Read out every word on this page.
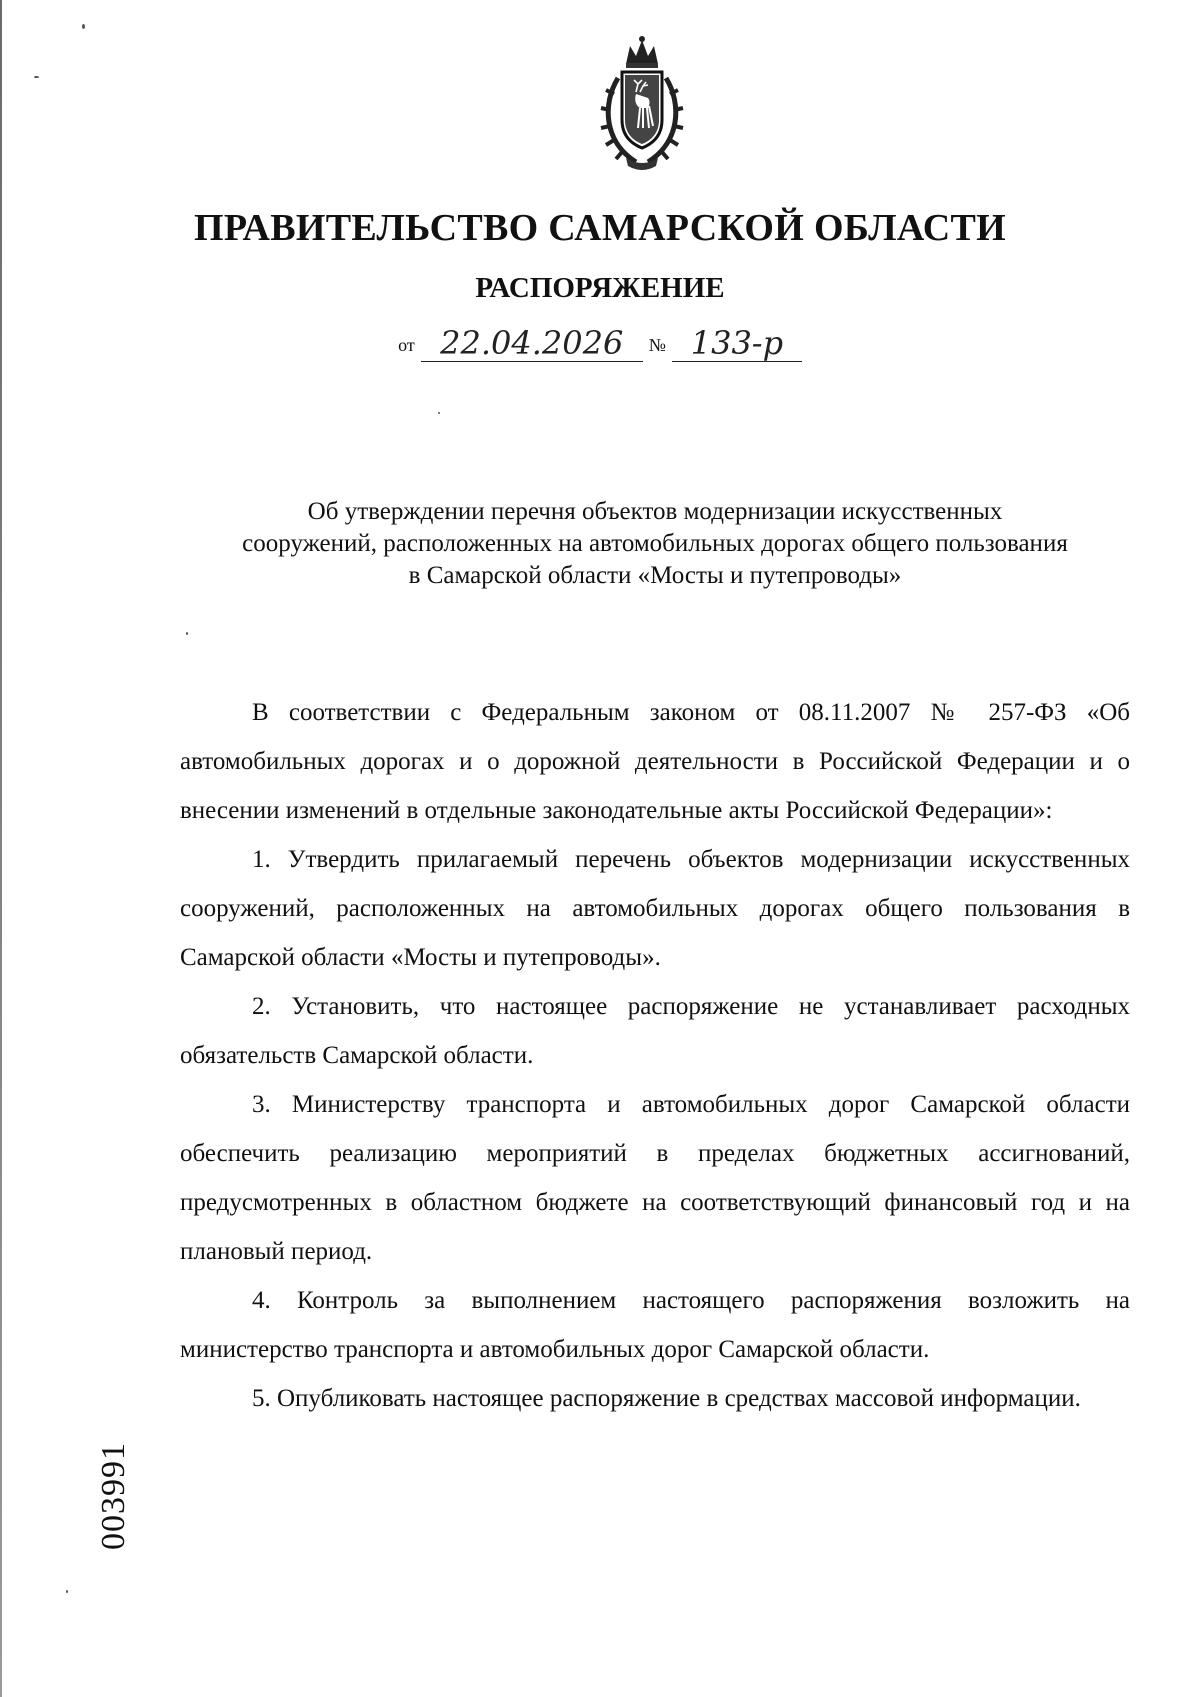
ПРАВИТЕЛЬСТВО САМАРСКОЙ ОБЛАСТИ
РАСПОРЯЖЕНИЕ
от 22.04.2026	№ 133-р
Об утверждении перечня объектов модернизации искусственных
сооружений, расположенных на автомобильных дорогах общего пользования
в Самарской области «Мосты и путепроводы»

В соответствии с Федеральным законом от 08.11.2007 № 257-ФЗ «Об автомобильных дорогах и о дорожной деятельности в Российской Федерации и о внесении изменений в отдельные законодательные акты Российской Федерации»:

1. Утвердить прилагаемый перечень объектов модернизации искусственных сооружений, расположенных на автомобильных дорогах общего пользования в Самарской области «Мосты и путепроводы».

2. Установить, что настоящее распоряжение не устанавливает расходных обязательств Самарской области.

3. Министерству транспорта и автомобильных дорог Самарской области обеспечить реализацию мероприятий в пределах бюджетных ассигнований, предусмотренных в областном бюджете на соответствующий финансовый год и на плановый период.

4. Контроль за выполнением настоящего распоряжения возложить на министерство транспорта и автомобильных дорог Самарской области.

5. Опубликовать настоящее распоряжение в средствах массовой информации.

003991
